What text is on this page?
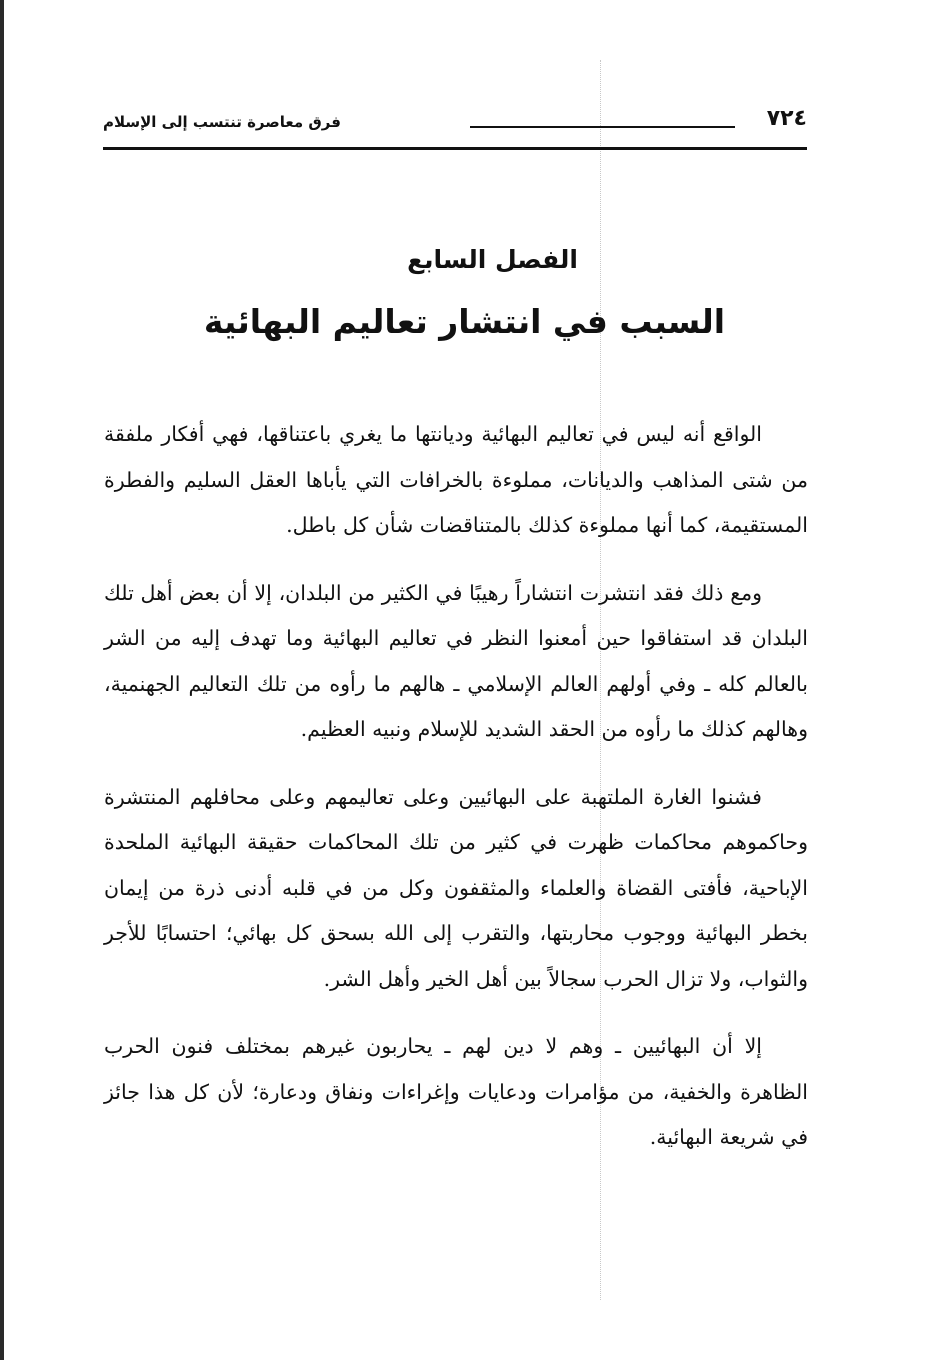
٧٢٤
فرق معاصرة تنتسب إلى الإسلام
الفصل السابع
السبب في انتشار تعاليم البهائية

الواقع أنه ليس في تعاليم البهائية وديانتها ما يغري باعتناقها، فهي أفكار ملفقة من شتى المذاهب والديانات، مملوءة بالخرافات التي يأباها العقل السليم والفطرة المستقيمة، كما أنها مملوءة كذلك بالمتناقضات شأن كل باطل.

ومع ذلك فقد انتشرت انتشاراً رهيبًا في الكثير من البلدان، إلا أن بعض أهل تلك البلدان قد استفاقوا حين أمعنوا النظر في تعاليم البهائية وما تهدف إليه من الشر بالعالم كله ـ وفي أولهم العالم الإسلامي ـ هالهم ما رأوه من تلك التعاليم الجهنمية، وهالهم كذلك ما رأوه من الحقد الشديد للإسلام ونبيه العظيم.

فشنوا الغارة الملتهبة على البهائيين وعلى تعاليمهم وعلى محافلهم المنتشرة وحاكموهم محاكمات ظهرت في كثير من تلك المحاكمات حقيقة البهائية الملحدة الإباحية، فأفتى القضاة والعلماء والمثقفون وكل من في قلبه أدنى ذرة من إيمان بخطر البهائية ووجوب محاربتها، والتقرب إلى الله بسحق كل بهائي؛ احتسابًا للأجر والثواب، ولا تزال الحرب سجالاً بين أهل الخير وأهل الشر.

إلا أن البهائيين ـ وهم لا دين لهم ـ يحاربون غيرهم بمختلف فنون الحرب الظاهرة والخفية، من مؤامرات ودعايات وإغراءات ونفاق ودعارة؛ لأن كل هذا جائز في شريعة البهائية.
